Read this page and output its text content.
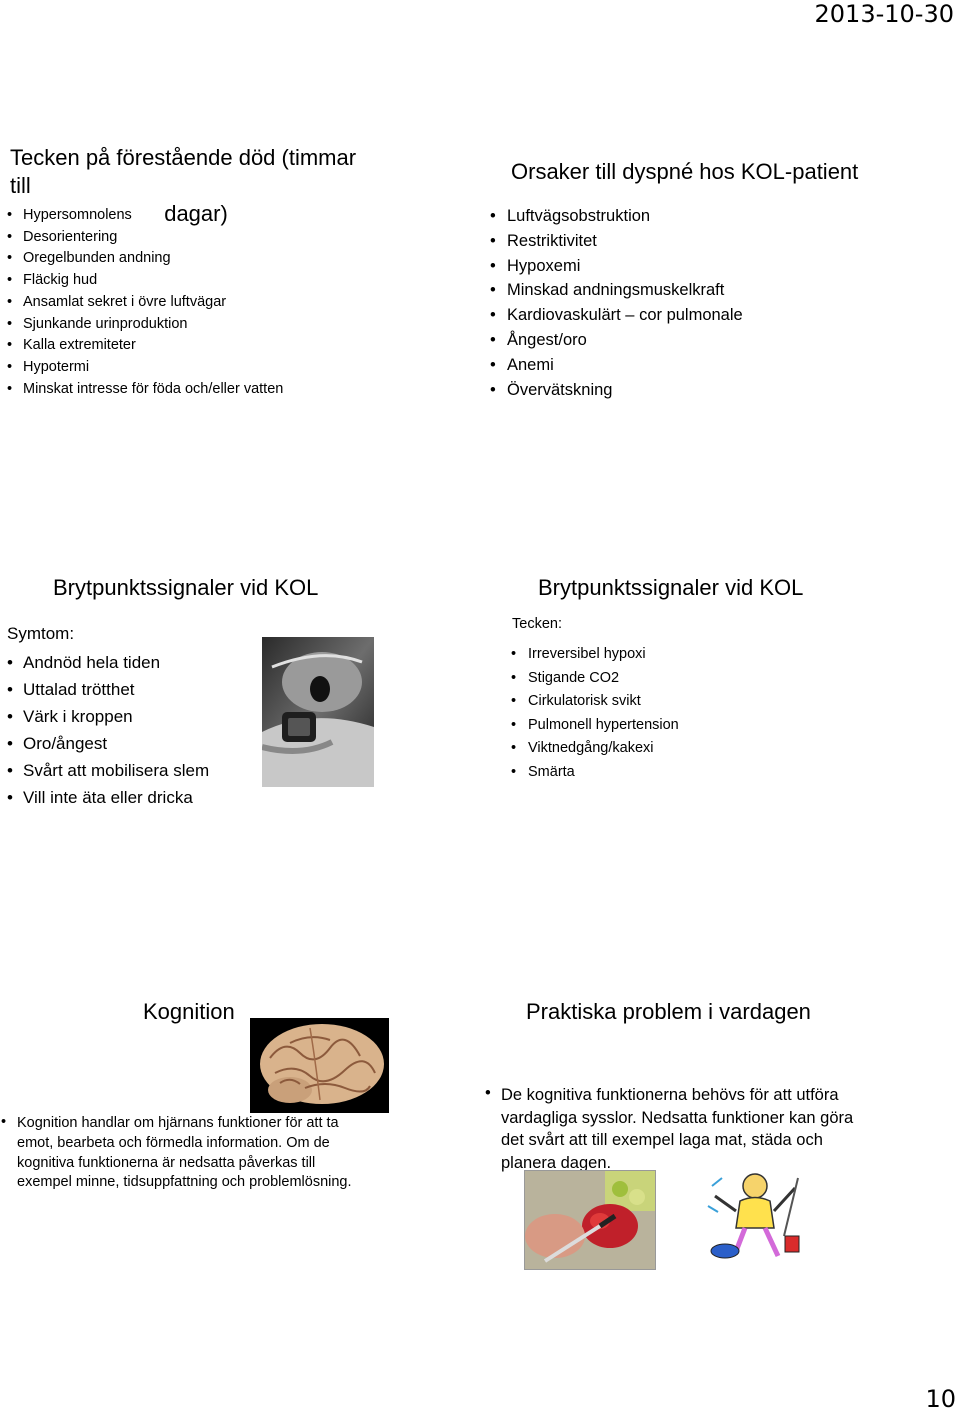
2013-10-30
10
Tecken på förestående död (timmar till
dagar)
• Hypersomnolens
• Desorientering
• Oregelbunden andning
• Fläckig hud
• Ansamlat sekret i övre luftvägar
• Sjunkande urinproduktion
• Kalla extremiteter
• Hypotermi
• Minskat intresse för föda och/eller vatten
Orsaker till dyspné hos KOL-patient
• Luftvägsobstruktion
• Restriktivitet
• Hypoxemi
• Minskad andningsmuskelkraft
• Kardiovaskulärt – cor pulmonale
• Ångest/oro
• Anemi
• Övervätskning
Brytpunktssignaler vid KOL
Symtom:
• Andnöd hela tiden
• Uttalad trötthet
• Värk i kroppen
• Oro/ångest
• Svårt att mobilisera slem
• Vill inte äta eller dricka
Brytpunktssignaler vid KOL
Tecken:
• Irreversibel hypoxi
• Stigande CO2
• Cirkulatorisk svikt
• Pulmonell hypertension
• Viktnedgång/kakexi
• Smärta
Kognition
• Kognition handlar om hjärnans funktioner för att ta
emot, bearbeta och förmedla information. Om de
kognitiva funktionerna är nedsatta påverkas till
exempel minne, tidsuppfattning och problemlösning.
Praktiska problem i vardagen
• De kognitiva funktionerna behövs för att utföra
vardagliga sysslor. Nedsatta funktioner kan göra
det svårt att till exempel laga mat, städa och
planera dagen.
